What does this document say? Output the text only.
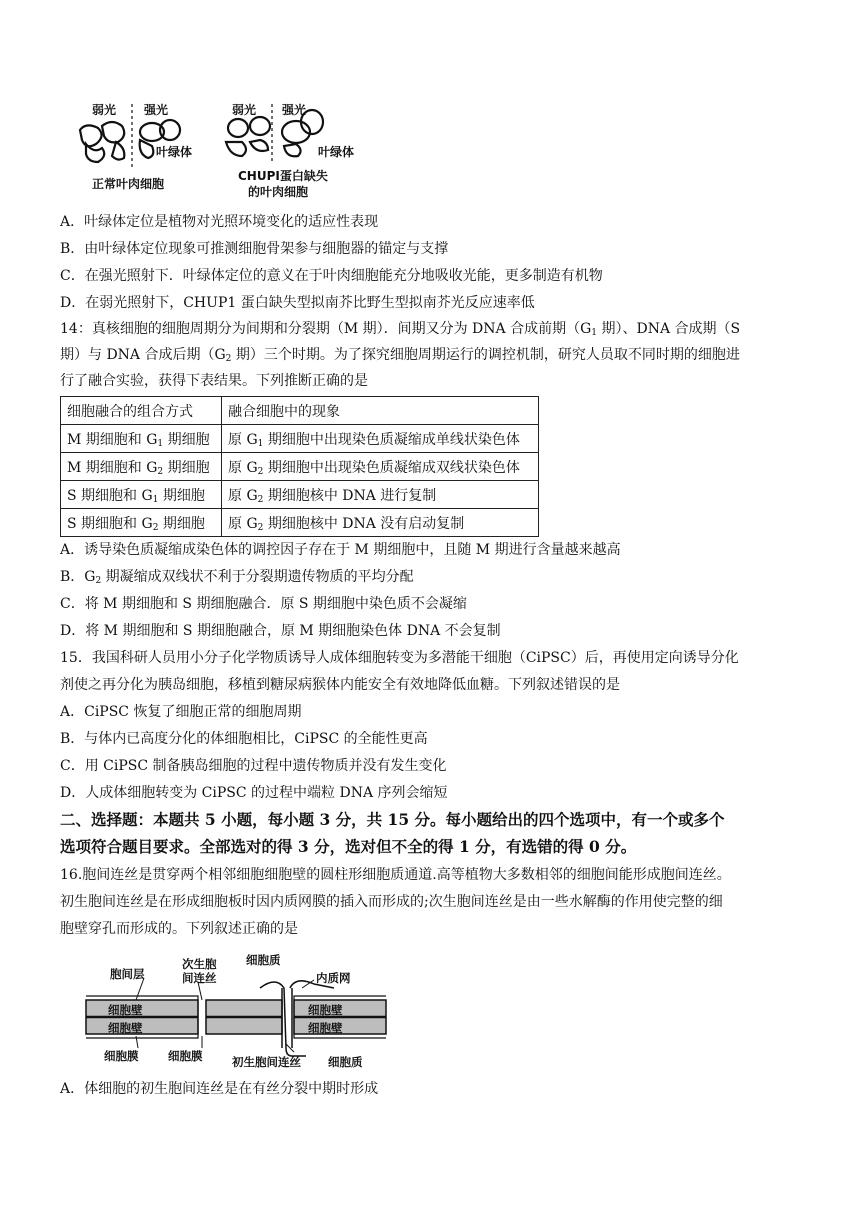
弱光 强光
叶绿体
正常叶肉细胞
弱光 强光
叶绿体
CHUPI蛋白缺失
的叶肉细胞
A．叶绿体定位是植物对光照环境变化的适应性表现
B．由叶绿体定位现象可推测细胞骨架参与细胞器的锚定与支撑
C．在强光照射下．叶绿体定位的意义在于叶肉细胞能充分地吸收光能，更多制造有机物
D．在弱光照射下，CHUP1 蛋白缺失型拟南芥比野生型拟南芥光反应速率低
14：真核细胞的细胞周期分为间期和分裂期（M 期）．间期又分为 DNA 合成前期（$G_1$ 期）、DNA 合成期（S
期）与 DNA 合成后期（$G_2$ 期）三个时期。为了探究细胞周期运行的调控机制，研究人员取不同时期的细胞进
行了融合实验，获得下表结果。下列推断正确的是
细胞融合的组合方式	融合细胞中的现象
M 期细胞和 $G_1$ 期细胞	原 $G_1$ 期细胞中出现染色质凝缩成单线状染色体
M 期细胞和 $G_2$ 期细胞	原 $G_2$ 期细胞中出现染色质凝缩成双线状染色体
S 期细胞和 $G_1$ 期细胞	原 $G_2$ 期细胞核中 DNA 进行复制
S 期细胞和 $G_2$ 期细胞	原 $G_2$ 期细胞核中 DNA 没有启动复制
A．诱导染色质凝缩成染色体的调控因子存在于 M 期细胞中，且随 M 期进行含量越来越高
B．$G_2$ 期凝缩成双线状不利于分裂期遗传物质的平均分配
C．将 M 期细胞和 S 期细胞融合．原 S 期细胞中染色质不会凝缩
D．将 M 期细胞和 S 期细胞融合，原 M 期细胞染色体 DNA 不会复制
15．我国科研人员用小分子化学物质诱导人成体细胞转变为多潜能干细胞（CiPSC）后，再使用定向诱导分化
剂使之再分化为胰岛细胞，移植到糖尿病猴体内能安全有效地降低血糖。下列叙述错误的是
A．CiPSC 恢复了细胞正常的细胞周期
B．与体内已高度分化的体细胞相比，CiPSC 的全能性更高
C．用 CiPSC 制备胰岛细胞的过程中遗传物质并没有发生变化
D．人成体细胞转变为 CiPSC 的过程中端粒 DNA 序列会缩短
二、选择题：本题共 5 小题，每小题 3 分，共 15 分。每小题给出的四个选项中，有一个或多个
选项符合题目要求。全部选对的得 3 分，选对但不全的得 1 分，有选错的得 0 分。
16.胞间连丝是贯穿两个相邻细胞细胞壁的圆柱形细胞质通道.高等植物大多数相邻的细胞间能形成胞间连丝。
初生胞间连丝是在形成细胞板时因内质网膜的插入而形成的;次生胞间连丝是由一些水解酶的作用使完整的细
胞壁穿孔而形成的。下列叙述正确的是
胞间层
次生胞
间连丝
细胞质
内质网
细胞壁
细胞壁
细胞壁
细胞壁
细胞膜	细胞膜	初生胞间连丝 细胞质
A．体细胞的初生胞间连丝是在有丝分裂中期时形成
